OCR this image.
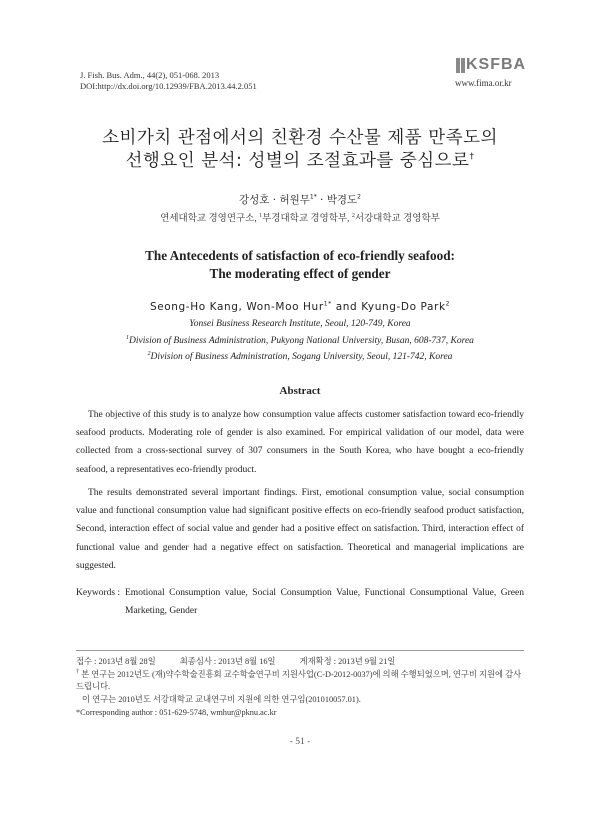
J. Fish. Bus. Adm., 44(2), 051-068. 2013
DOI:http://dx.doi.org/10.12939/FBA.2013.44.2.051
KSFBA
www.fima.or.kr
소비가치 관점에서의 친환경 수산물 제품 만족도의
선행요인 분석: 성별의 조절효과를 중심으로†
강성호 · 허원무$^{1*}$ · 박경도$^2$
연세대학교 경영연구소, $^1$부경대학교 경영학부, $^2$서강대학교 경영학부
The Antecedents of satisfaction of eco-friendly seafood:
The moderating effect of gender
Seong-Ho Kang, Won-Moo Hur$^{1*}$ and Kyung-Do Park$^2$
Yonsei Business Research Institute, Seoul, 120-749, Korea
$^1$Division of Business Administration, Pukyong National University, Busan, 608-737, Korea
$^2$Division of Business Administration, Sogang University, Seoul, 121-742, Korea
Abstract
The objective of this study is to analyze how consumption value affects customer satisfaction toward eco-friendly seafood products. Moderating role of gender is also examined. For empirical validation of our model, data were collected from a cross-sectional survey of 307 consumers in the South Korea, who have bought a eco-friendly seafood, a representatives eco-friendly product.
The results demonstrated several important findings. First, emotional consumption value, social consumption value and functional consumption value had significant positive effects on eco-friendly seafood product satisfaction, Second, interaction effect of social value and gender had a positive effect on satisfaction. Third, interaction effect of functional value and gender had a negative effect on satisfaction. Theoretical and managerial implications are suggested.
Keywords : Emotional Consumption value, Social Consumption Value, Functional Consumptional Value, Green Marketing, Gender
접수 : 2013년 8월 28일	최종심사 : 2013년 8월 16일	게재확정 : 2013년 9월 21일
† 본 연구는 2012년도 (재)약수학술진흥회 교수학술연구비 지원사업(C-D-2012-0037)에 의해 수행되었으며, 연구비 지원에 감사드립니다.
이 연구는 2010년도 서강대학교 교내연구비 지원에 의한 연구임(201010057.01).
*Corresponding author : 051-629-5748, wmhur@pknu.ac.kr
- 51 -
